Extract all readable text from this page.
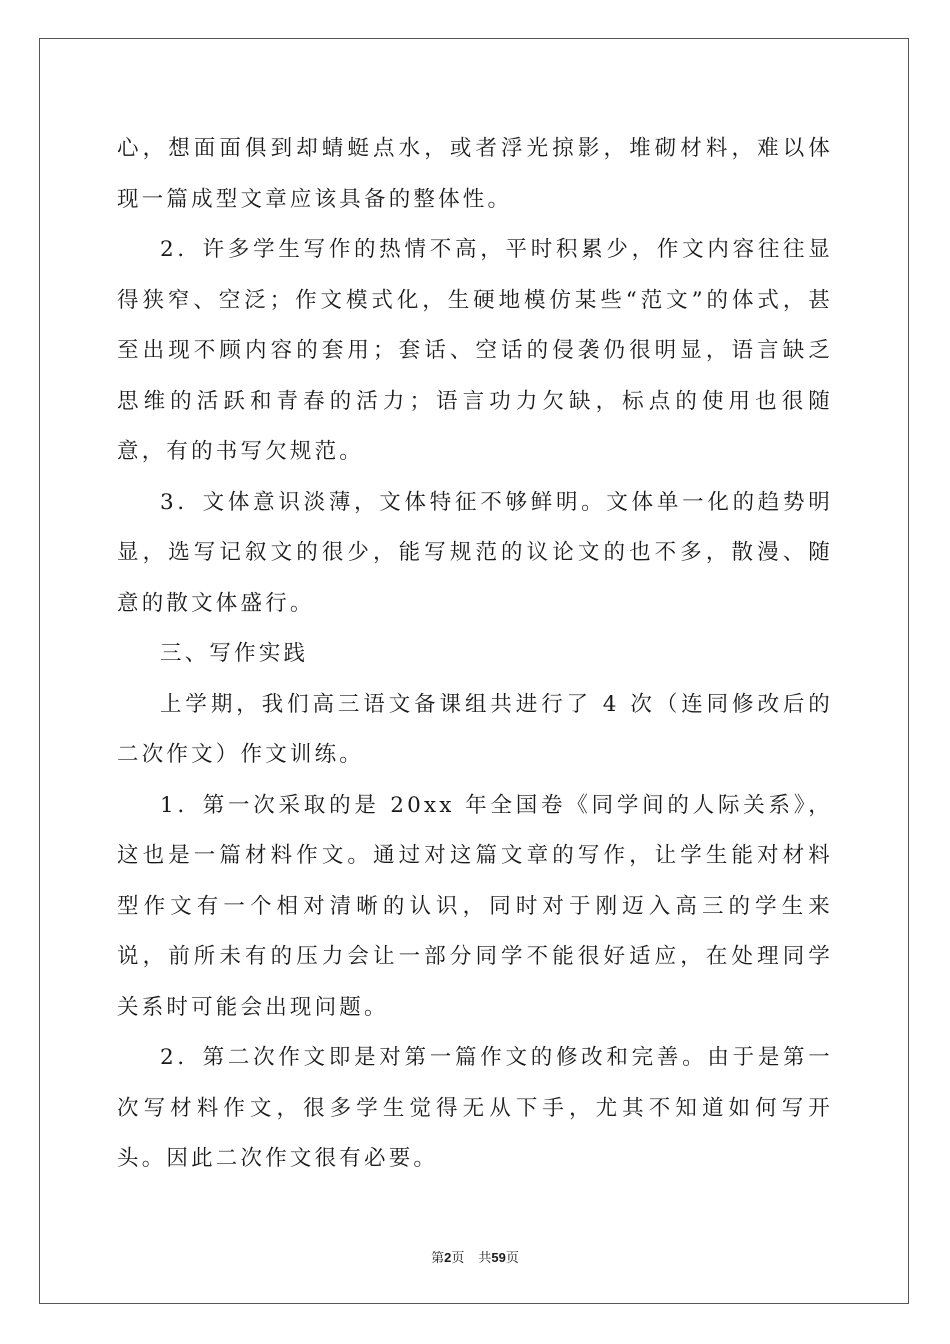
心，想面面俱到却蜻蜓点水，或者浮光掠影，堆砌材料，难以体现一篇成型文章应该具备的整体性。

2．许多学生写作的热情不高，平时积累少，作文内容往往显得狭窄、空泛；作文模式化，生硬地模仿某些“范文”的体式，甚至出现不顾内容的套用；套话、空话的侵袭仍很明显，语言缺乏思维的活跃和青春的活力；语言功力欠缺，标点的使用也很随意，有的书写欠规范。

3．文体意识淡薄，文体特征不够鲜明。文体单一化的趋势明显，选写记叙文的很少，能写规范的议论文的也不多，散漫、随意的散文体盛行。

三、写作实践

上学期，我们高三语文备课组共进行了 4 次（连同修改后的二次作文）作文训练。

1．第一次采取的是 20xx 年全国卷《同学间的人际关系》，这也是一篇材料作文。通过对这篇文章的写作，让学生能对材料型作文有一个相对清晰的认识，同时对于刚迈入高三的学生来说，前所未有的压力会让一部分同学不能很好适应，在处理同学关系时可能会出现问题。

2．第二次作文即是对第一篇作文的修改和完善。由于是第一次写材料作文，很多学生觉得无从下手，尤其不知道如何写开头。因此二次作文很有必要。

第2页 共59页
